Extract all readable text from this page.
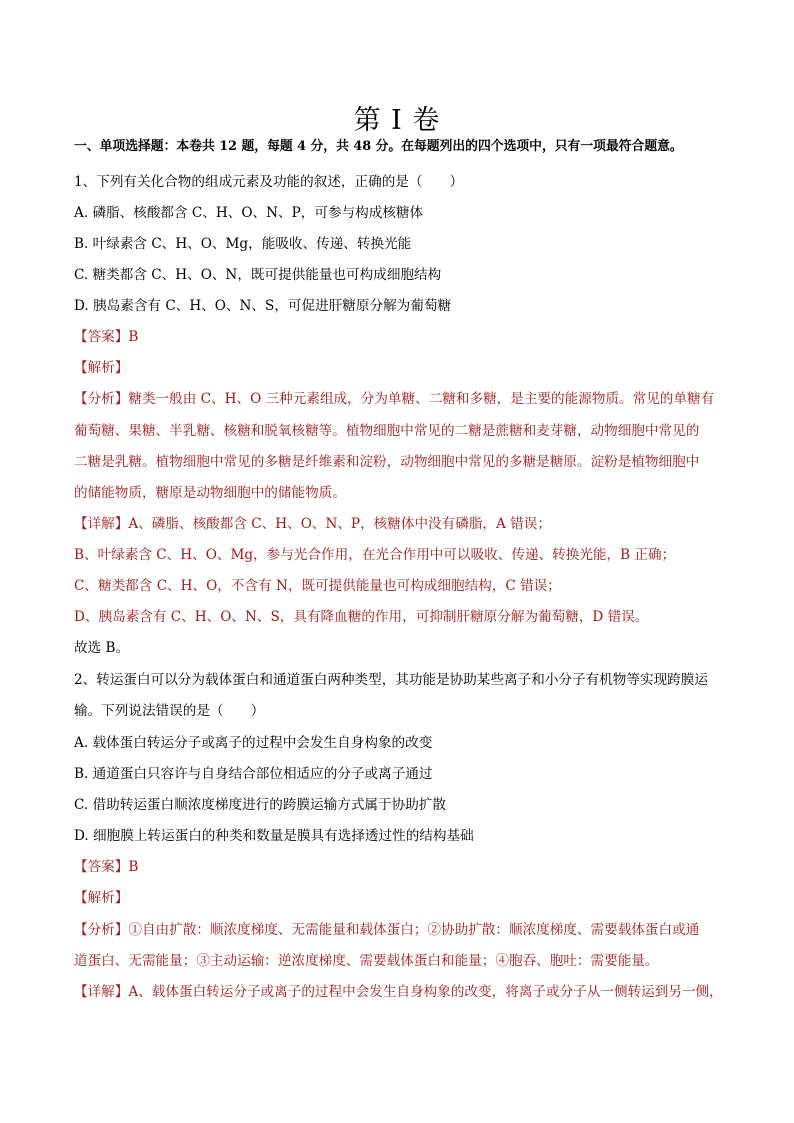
第 I 卷
一、单项选择题：本卷共 12 题，每题 4 分，共 48 分。在每题列出的四个选项中，只有一项最符合题意。
1、下列有关化合物的组成元素及功能的叙述，正确的是（　　）
A. 磷脂、核酸都含 C、H、O、N、P，可参与构成核糖体
B. 叶绿素含 C、H、O、Mg，能吸收、传递、转换光能
C. 糖类都含 C、H、O、N，既可提供能量也可构成细胞结构
D. 胰岛素含有 C、H、O、N、S，可促进肝糖原分解为葡萄糖
【答案】B
【解析】
【分析】糖类一般由 C、H、O 三种元素组成，分为单糖、二糖和多糖，是主要的能源物质。常见的单糖有
葡萄糖、果糖、半乳糖、核糖和脱氧核糖等。植物细胞中常见的二糖是蔗糖和麦芽糖，动物细胞中常见的
二糖是乳糖。植物细胞中常见的多糖是纤维素和淀粉，动物细胞中常见的多糖是糖原。淀粉是植物细胞中
的储能物质，糖原是动物细胞中的储能物质。
【详解】A、磷脂、核酸都含 C、H、O、N、P，核糖体中没有磷脂，A 错误；
B、叶绿素含 C、H、O、Mg，参与光合作用，在光合作用中可以吸收、传递、转换光能，B 正确；
C、糖类都含 C、H、O，不含有 N，既可提供能量也可构成细胞结构，C 错误；
D、胰岛素含有 C、H、O、N、S，具有降血糖的作用，可抑制肝糖原分解为葡萄糖，D 错误。
故选 B。
2、转运蛋白可以分为载体蛋白和通道蛋白两种类型，其功能是协助某些离子和小分子有机物等实现跨膜运
输。下列说法错误的是（　　）
A. 载体蛋白转运分子或离子的过程中会发生自身构象的改变
B. 通道蛋白只容许与自身结合部位相适应的分子或离子通过
C. 借助转运蛋白顺浓度梯度进行的跨膜运输方式属于协助扩散
D. 细胞膜上转运蛋白的种类和数量是膜具有选择透过性的结构基础
【答案】B
【解析】
【分析】①自由扩散：顺浓度梯度、无需能量和载体蛋白；②协助扩散：顺浓度梯度、需要载体蛋白或通
道蛋白、无需能量；③主动运输：逆浓度梯度、需要载体蛋白和能量；④胞吞、胞吐：需要能量。
【详解】A、载体蛋白转运分子或离子的过程中会发生自身构象的改变，将离子或分子从一侧转运到另一侧，
